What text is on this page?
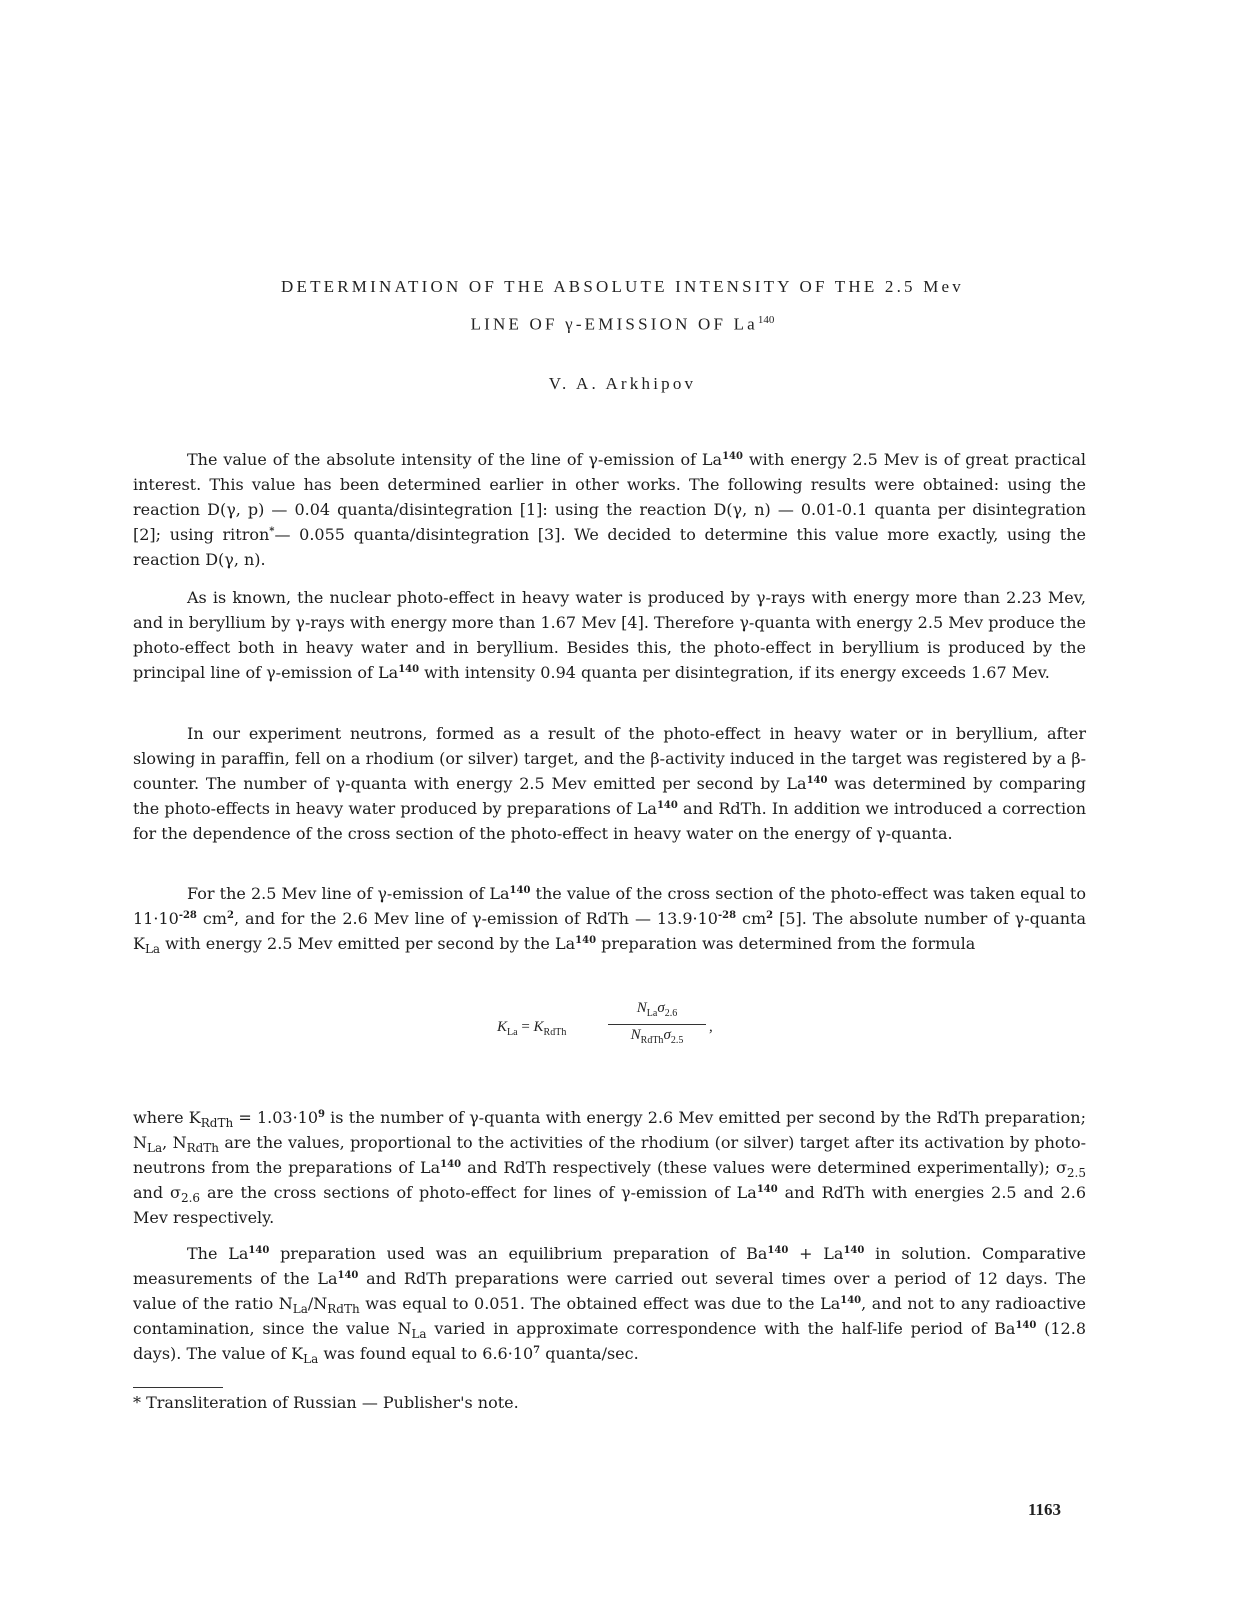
DETERMINATION OF THE ABSOLUTE INTENSITY OF THE 2.5 Mev
LINE OF γ-EMISSION OF La$^{140}$
V. A. Arkhipov

The value of the absolute intensity of the line of γ-emission of La$^{140}$ with energy 2.5 Mev is of great practical interest. This value has been determined earlier in other works. The following results were obtained: using the reaction D(γ, p) — 0.04 quanta/disintegration [1]: using the reaction D(γ, n) — 0.01-0.1 quanta per disintegration [2]; using ritron*— 0.055 quanta/disintegration [3]. We decided to determine this value more exactly, using the reaction D(γ, n).

As is known, the nuclear photo-effect in heavy water is produced by γ-rays with energy more than 2.23 Mev, and in beryllium by γ-rays with energy more than 1.67 Mev [4]. Therefore γ-quanta with energy 2.5 Mev produce the photo-effect both in heavy water and in beryllium. Besides this, the photo-effect in beryllium is produced by the principal line of γ-emission of La$^{140}$ with intensity 0.94 quanta per disintegration, if its energy exceeds 1.67 Mev.

In our experiment neutrons, formed as a result of the photo-effect in heavy water or in beryllium, after slowing in paraffin, fell on a rhodium (or silver) target, and the β-activity induced in the target was registered by a β-counter. The number of γ-quanta with energy 2.5 Mev emitted per second by La$^{140}$ was determined by comparing the photo-effects in heavy water produced by preparations of La$^{140}$ and RdTh. In addition we introduced a correction for the dependence of the cross section of the photo-effect in heavy water on the energy of γ-quanta.

For the 2.5 Mev line of γ-emission of La$^{140}$ the value of the cross section of the photo-effect was taken equal to $11\cdot 10^{-28}$ $cm^2$, and for the 2.6 Mev line of γ-emission of RdTh — $13.9\cdot 10^{-28}$ $cm^2$ [5]. The absolute number of γ-quanta $K_{La}$ with energy 2.5 Mev emitted per second by the La$^{140}$ preparation was determined from the formula

$K_{La} = K_{RdTh}$
$N_{La}\sigma_{2.6}$
$N_{RdTh}\sigma_{2.5}$
,

where $K_{RdTh} = 1.03\cdot 10^9$ is the number of γ-quanta with energy 2.6 Mev emitted per second by the RdTh preparation; $N_{La}$, $N_{RdTh}$ are the values, proportional to the activities of the rhodium (or silver) target after its activation by photo-neutrons from the preparations of La$^{140}$ and RdTh respectively (these values were determined experimentally); $\sigma_{2.5}$ and $\sigma_{2.6}$ are the cross sections of photo-effect for lines of γ-emission of La$^{140}$ and RdTh with energies 2.5 and 2.6 Mev respectively.

The La$^{140}$ preparation used was an equilibrium preparation of $Ba^{140} + La^{140}$ in solution. Comparative measurements of the La$^{140}$ and RdTh preparations were carried out several times over a period of 12 days. The value of the ratio $N_{La}/N_{RdTh}$ was equal to 0.051. The obtained effect was due to the La$^{140}$, and not to any radioactive contamination, since the value $N_{La}$ varied in approximate correspondence with the half-life period of Ba$^{140}$ (12.8 days). The value of $K_{La}$ was found equal to $6.6\cdot 10^7$ quanta/sec.

* Transliteration of Russian — Publisher's note.
1163
